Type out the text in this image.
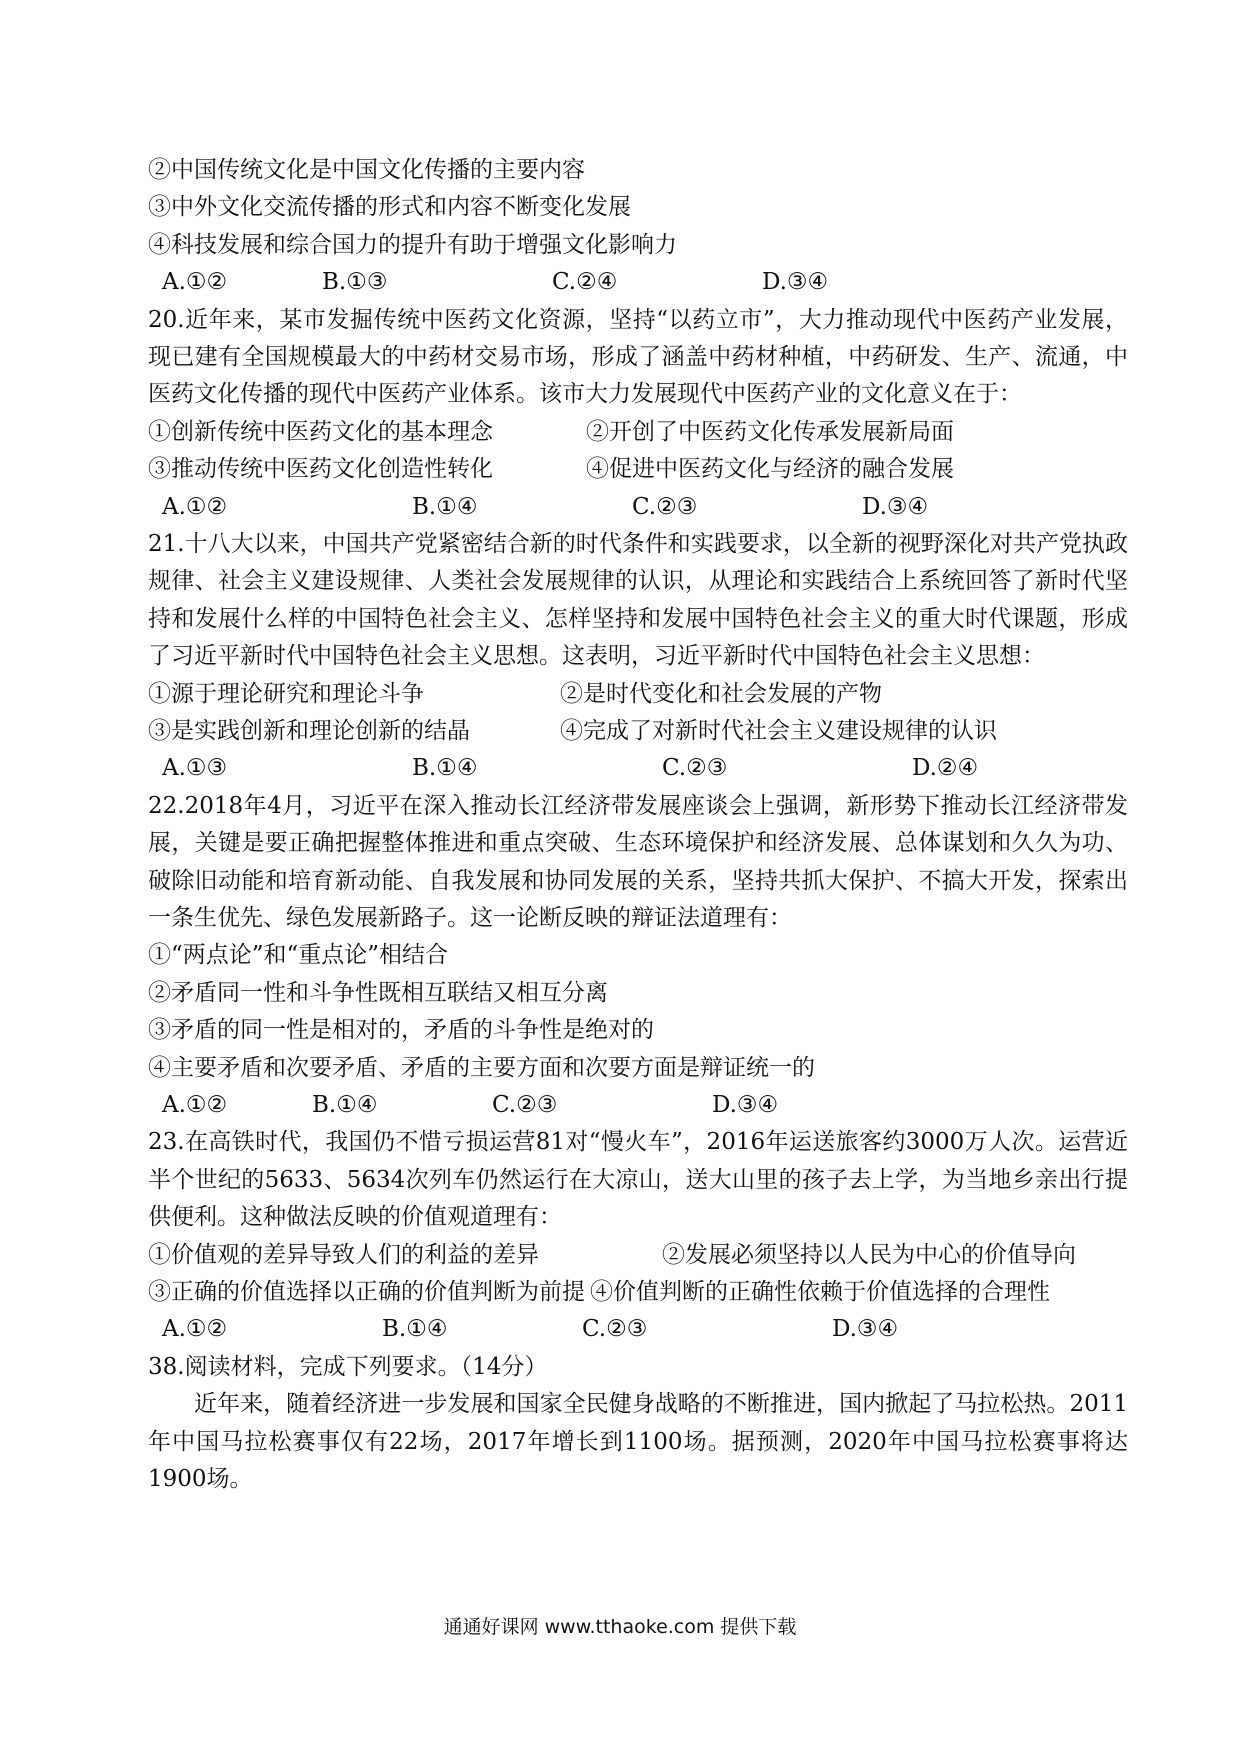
②中国传统文化是中国文化传播的主要内容
③中外文化交流传播的形式和内容不断变化发展
④科技发展和综合国力的提升有助于增强文化影响力
A.①②	B.①③	C.②④	D.③④
20.近年来，某市发掘传统中医药文化资源，坚持“以药立市”，大力推动现代中医药产业发展，现已建有全国规模最大的中药材交易市场，形成了涵盖中药材种植，中药研发、生产、流通，中医药文化传播的现代中医药产业体系。该市大力发展现代中医药产业的文化意义在于：
①创新传统中医药文化的基本理念	②开创了中医药文化传承发展新局面
③推动传统中医药文化创造性转化	④促进中医药文化与经济的融合发展
A.①②	B.①④	C.②③	D.③④
21.十八大以来，中国共产党紧密结合新的时代条件和实践要求，以全新的视野深化对共产党执政规律、社会主义建设规律、人类社会发展规律的认识，从理论和实践结合上系统回答了新时代坚持和发展什么样的中国特色社会主义、怎样坚持和发展中国特色社会主义的重大时代课题，形成了习近平新时代中国特色社会主义思想。这表明，习近平新时代中国特色社会主义思想：
①源于理论研究和理论斗争	②是时代变化和社会发展的产物
③是实践创新和理论创新的结晶	④完成了对新时代社会主义建设规律的认识
A.①③	B.①④	C.②③	D.②④
22.2018年4月，习近平在深入推动长江经济带发展座谈会上强调，新形势下推动长江经济带发展，关键是要正确把握整体推进和重点突破、生态环境保护和经济发展、总体谋划和久久为功、破除旧动能和培育新动能、自我发展和协同发展的关系，坚持共抓大保护、不搞大开发，探索出一条生优先、绿色发展新路子。这一论断反映的辩证法道理有：
①“两点论”和“重点论”相结合
②矛盾同一性和斗争性既相互联结又相互分离
③矛盾的同一性是相对的，矛盾的斗争性是绝对的
④主要矛盾和次要矛盾、矛盾的主要方面和次要方面是辩证统一的
A.①②	B.①④	C.②③	D.③④
23.在高铁时代，我国仍不惜亏损运营81对“慢火车”，2016年运送旅客约3000万人次。运营近半个世纪的5633、5634次列车仍然运行在大凉山，送大山里的孩子去上学，为当地乡亲出行提供便利。这种做法反映的价值观道理有：
①价值观的差异导致人们的利益的差异	②发展必须坚持以人民为中心的价值导向
③正确的价值选择以正确的价值判断为前提 ④价值判断的正确性依赖于价值选择的合理性
A.①②	B.①④	C.②③	D.③④
38.阅读材料，完成下列要求。（14分）
近年来，随着经济进一步发展和国家全民健身战略的不断推进，国内掀起了马拉松热。2011年中国马拉松赛事仅有22场，2017年增长到1100场。据预测，2020年中国马拉松赛事将达1900场。
通通好课网 www.tthaoke.com 提供下载
